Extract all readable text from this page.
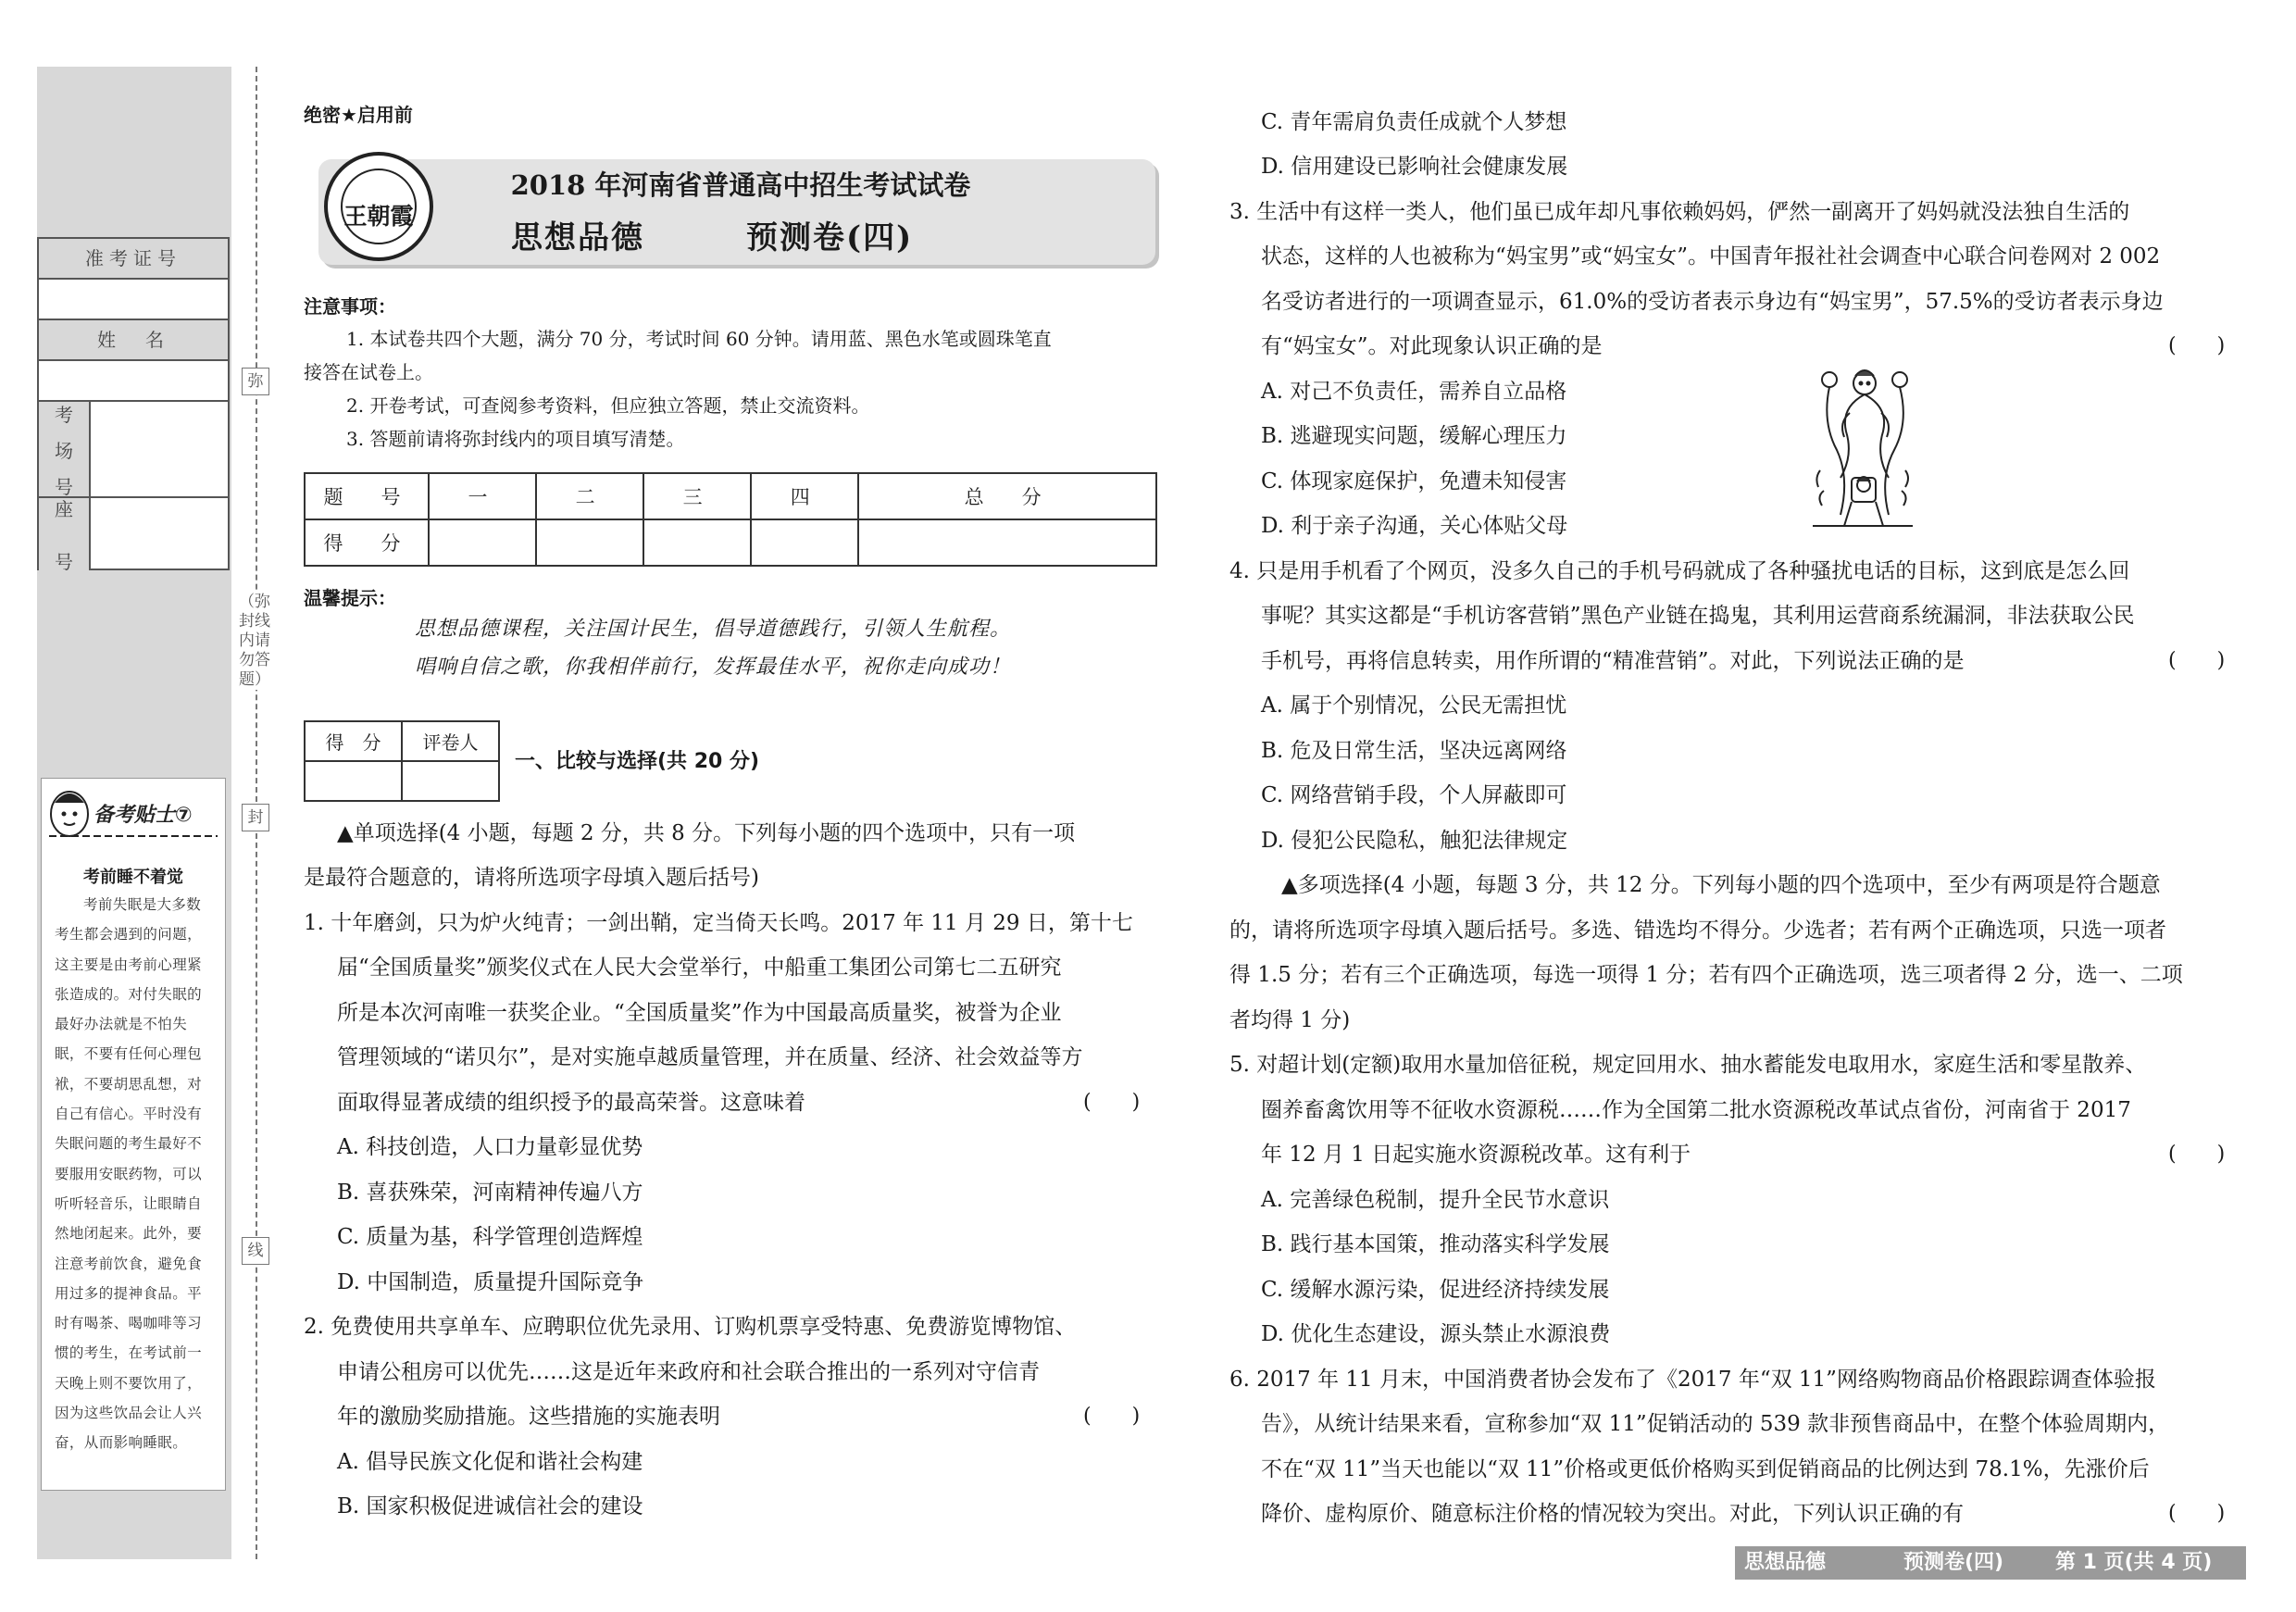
准考证号
姓　名
考
场
号
座
号
备考贴士⑦
考前睡不着觉
考前失眠是大多数考生都会遇到的问题，这主要是由考前心理紧张造成的。对付失眠的最好办法就是不怕失眠，不要有任何心理包袱，不要胡思乱想，对自己有信心。平时没有失眠问题的考生最好不要服用安眠药物，可以听听轻音乐，让眼睛自然地闭起来。此外，要注意考前饮食，避免食用过多的提神食品。平时有喝茶、喝咖啡等习惯的考生，在考试前一天晚上则不要饮用了，因为这些饮品会让人兴奋，从而影响睡眠。
弥
（弥封线内请勿答题）
封
线
绝密★启用前
王朝霞
2018 年河南省普通高中招生考试试卷
思想品德	预测卷(四)
注意事项：
1. 本试卷共四个大题，满分 70 分，考试时间 60 分钟。请用蓝、黑色水笔或圆珠笔直
接答在试卷上。
2. 开卷考试，可查阅参考资料，但应独立答题，禁止交流资料。
3. 答题前请将弥封线内的项目填写清楚。
题　号	一	二	三	四	总　分
得　分					
温馨提示：
思想品德课程，关注国计民生，倡导道德践行，引领人生航程。
唱响自信之歌，你我相伴前行，发挥最佳水平，祝你走向成功！
得　分	评卷人

一、比较与选择(共 20 分)
▲单项选择(4 小题，每题 2 分，共 8 分。下列每小题的四个选项中，只有一项
是最符合题意的，请将所选项字母填入题后括号)
1. 十年磨剑，只为炉火纯青；一剑出鞘，定当倚天长鸣。2017 年 11 月 29 日，第十七
届“全国质量奖”颁奖仪式在人民大会堂举行，中船重工集团公司第七二五研究
所是本次河南唯一获奖企业。“全国质量奖”作为中国最高质量奖，被誉为企业
管理领域的“诺贝尔”，是对实施卓越质量管理，并在质量、经济、社会效益等方
面取得显著成绩的组织授予的最高荣誉。这意味着	(　　)
A. 科技创造，人口力量彰显优势
B. 喜获殊荣，河南精神传遍八方
C. 质量为基，科学管理创造辉煌
D. 中国制造，质量提升国际竞争
2. 免费使用共享单车、应聘职位优先录用、订购机票享受特惠、免费游览博物馆、
申请公租房可以优先……这是近年来政府和社会联合推出的一系列对守信青
年的激励奖励措施。这些措施的实施表明	(　　)
A. 倡导民族文化促和谐社会构建
B. 国家积极促进诚信社会的建设
C. 青年需肩负责任成就个人梦想
D. 信用建设已影响社会健康发展
3. 生活中有这样一类人，他们虽已成年却凡事依赖妈妈，俨然一副离开了妈妈就没法独自生活的
状态，这样的人也被称为“妈宝男”或“妈宝女”。中国青年报社社会调查中心联合问卷网对 2 002
名受访者进行的一项调查显示，61.0%的受访者表示身边有“妈宝男”，57.5%的受访者表示身边
有“妈宝女”。对此现象认识正确的是	(　　)
A. 对己不负责任，需养自立品格
B. 逃避现实问题，缓解心理压力
C. 体现家庭保护，免遭未知侵害
D. 利于亲子沟通，关心体贴父母
4. 只是用手机看了个网页，没多久自己的手机号码就成了各种骚扰电话的目标，这到底是怎么回
事呢？其实这都是“手机访客营销”黑色产业链在捣鬼，其利用运营商系统漏洞，非法获取公民
手机号，再将信息转卖，用作所谓的“精准营销”。对此，下列说法正确的是	(　　)
A. 属于个别情况，公民无需担忧
B. 危及日常生活，坚决远离网络
C. 网络营销手段，个人屏蔽即可
D. 侵犯公民隐私，触犯法律规定
▲多项选择(4 小题，每题 3 分，共 12 分。下列每小题的四个选项中，至少有两项是符合题意
的，请将所选项字母填入题后括号。多选、错选均不得分。少选者；若有两个正确选项，只选一项者
得 1.5 分；若有三个正确选项，每选一项得 1 分；若有四个正确选项，选三项者得 2 分，选一、二项
者均得 1 分)
5. 对超计划(定额)取用水量加倍征税，规定回用水、抽水蓄能发电取用水，家庭生活和零星散养、
圈养畜禽饮用等不征收水资源税……作为全国第二批水资源税改革试点省份，河南省于 2017
年 12 月 1 日起实施水资源税改革。这有利于	(　　)
A. 完善绿色税制，提升全民节水意识
B. 践行基本国策，推动落实科学发展
C. 缓解水源污染，促进经济持续发展
D. 优化生态建设，源头禁止水源浪费
6. 2017 年 11 月末，中国消费者协会发布了《2017 年“双 11”网络购物商品价格跟踪调查体验报
告》，从统计结果来看，宣称参加“双 11”促销活动的 539 款非预售商品中，在整个体验周期内，
不在“双 11”当天也能以“双 11”价格或更低价格购买到促销商品的比例达到 78.1%，先涨价后
降价、虚构原价、随意标注价格的情况较为突出。对此，下列认识正确的有	(　　)
思想品德	预测卷(四)	第 1 页(共 4 页)
